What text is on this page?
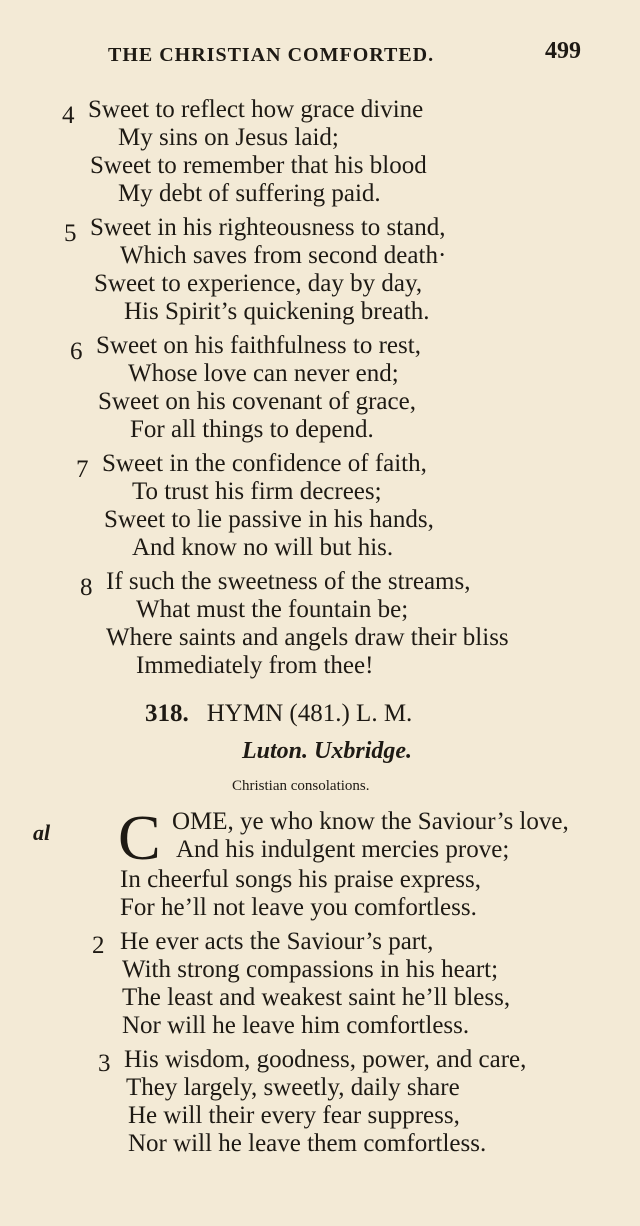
THE CHRISTIAN COMFORTED.	499
4 Sweet to reflect how grace divine
My sins on Jesus laid;
Sweet to remember that his blood
My debt of suffering paid.
5 Sweet in his righteousness to stand,
Which saves from second death·
Sweet to experience, day by day,
His Spirit’s quickening breath.
6 Sweet on his faithfulness to rest,
Whose love can never end;
Sweet on his covenant of grace,
For all things to depend.
7 Sweet in the confidence of faith,
To trust his firm decrees;
Sweet to lie passive in his hands,
And know no will but his.
8 If such the sweetness of the streams,
What must the fountain be;
Where saints and angels draw their bliss
Immediately from thee!
318. HYMN (481.) L. M.
Luton. Uxbridge.
Christian consolations.
al C OME, ye who know the Saviour’s love,
And his indulgent mercies prove;
In cheerful songs his praise express,
For he’ll not leave you comfortless.
2 He ever acts the Saviour’s part,
With strong compassions in his heart;
The least and weakest saint he’ll bless,
Nor will he leave him comfortless.
3 His wisdom, goodness, power, and care,
They largely, sweetly, daily share
He will their every fear suppress,
Nor will he leave them comfortless.
